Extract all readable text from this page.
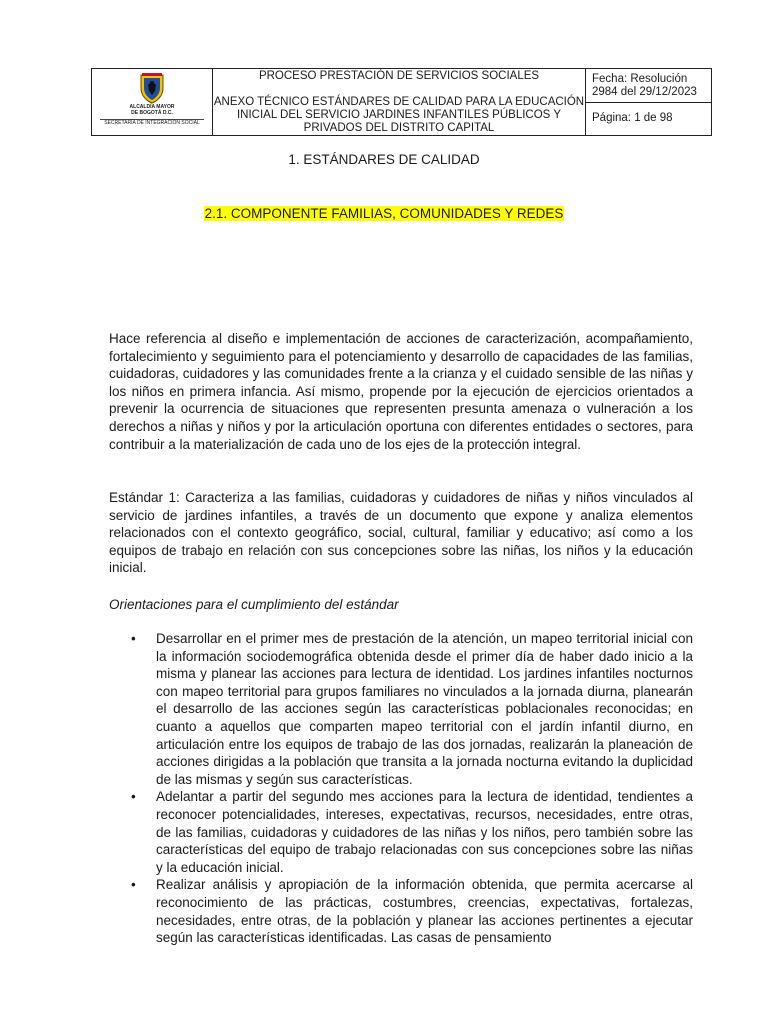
ALCALDÍA MAYOR
DE BOGOTÁ D.C.
SECRETARÍA DE INTEGRACIÓN SOCIAL
PROCESO PRESTACIÓN DE SERVICIOS SOCIALES
ANEXO TÉCNICO ESTÁNDARES DE CALIDAD PARA LA EDUCACIÓN INICIAL DEL SERVICIO JARDINES INFANTILES PÚBLICOS Y PRIVADOS DEL DISTRITO CAPITAL
Fecha: Resolución 2984 del 29/12/2023
Página: 1 de 98
1. ESTÁNDARES DE CALIDAD
2.1. COMPONENTE FAMILIAS, COMUNIDADES Y REDES
Hace referencia al diseño e implementación de acciones de caracterización, acompañamiento, fortalecimiento y seguimiento para el potenciamiento y desarrollo de capacidades de las familias, cuidadoras, cuidadores y las comunidades frente a la crianza y el cuidado sensible de las niñas y los niños en primera infancia. Así mismo, propende por la ejecución de ejercicios orientados a prevenir la ocurrencia de situaciones que representen presunta amenaza o vulneración a los derechos a niñas y niños y por la articulación oportuna con diferentes entidades o sectores, para contribuir a la materialización de cada uno de los ejes de la protección integral.
Estándar 1: Caracteriza a las familias, cuidadoras y cuidadores de niñas y niños vinculados al servicio de jardines infantiles, a través de un documento que expone y analiza elementos relacionados con el contexto geográfico, social, cultural, familiar y educativo; así como a los equipos de trabajo en relación con sus concepciones sobre las niñas, los niños y la educación inicial.
Orientaciones para el cumplimiento del estándar
• Desarrollar en el primer mes de prestación de la atención, un mapeo territorial inicial con la información sociodemográfica obtenida desde el primer día de haber dado inicio a la misma y planear las acciones para lectura de identidad. Los jardines infantiles nocturnos con mapeo territorial para grupos familiares no vinculados a la jornada diurna, planearán el desarrollo de las acciones según las características poblacionales reconocidas; en cuanto a aquellos que comparten mapeo territorial con el jardín infantil diurno, en articulación entre los equipos de trabajo de las dos jornadas, realizarán la planeación de acciones dirigidas a la población que transita a la jornada nocturna evitando la duplicidad de las mismas y según sus características.
• Adelantar a partir del segundo mes acciones para la lectura de identidad, tendientes a reconocer potencialidades, intereses, expectativas, recursos, necesidades, entre otras, de las familias, cuidadoras y cuidadores de las niñas y los niños, pero también sobre las características del equipo de trabajo relacionadas con sus concepciones sobre las niñas y la educación inicial.
• Realizar análisis y apropiación de la información obtenida, que permita acercarse al reconocimiento de las prácticas, costumbres, creencias, expectativas, fortalezas, necesidades, entre otras, de la población y planear las acciones pertinentes a ejecutar según las características identificadas. Las casas de pensamiento
